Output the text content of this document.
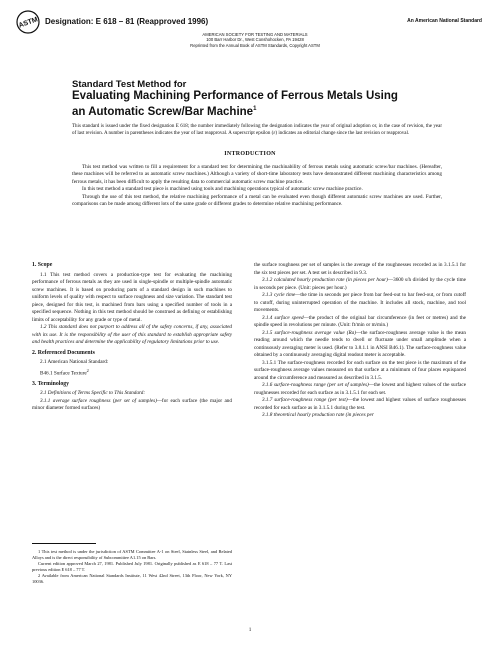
ASTM Designation: E 618 – 81 (Reapproved 1996)	An American National Standard
AMERICAN SOCIETY FOR TESTING AND MATERIALS
100 Barr Harbor Dr., West Conshohocken, PA 19428
Reprinted from the Annual Book of ASTM Standards, Copyright ASTM
Standard Test Method for
Evaluating Machining Performance of Ferrous Metals Using
an Automatic Screw/Bar Machine$^1$
This standard is issued under the fixed designation E 618; the number immediately following the designation indicates the year of original adoption or, in the case of revision, the year of last revision. A number in parentheses indicates the year of last reapproval. A superscript epsilon (ε) indicates an editorial change since the last revision or reapproval.
INTRODUCTION

This test method was written to fill a requirement for a standard test for determining the machinability of ferrous metals using automatic screw/bar machines. (Hereafter, these machines will be referred to as automatic screw machines.) Although a variety of short-time laboratory tests have demonstrated different machining characteristics among ferrous metals, it has been difficult to apply the resulting data to commercial automatic screw machine practice.

In this test method a standard test piece is machined using tools and machining operations typical of automatic screw machine practice.

Through the use of this test method, the relative machining performance of a metal can be evaluated even though different automatic screw machines are used. Further, comparisons can be made among different lots of the same grade or different grades to determine relative machining performance.

1. Scope

1.1 This test method covers a production-type test for evaluating the machining performance of ferrous metals as they are used in single-spindle or multiple-spindle automatic screw machines. It is based on producing parts of a standard design in such machines to uniform levels of quality with respect to surface roughness and size variation. The standard test piece, designed for this test, is machined from bars using a specified number of tools in a specified sequence. Nothing in this test method should be construed as defining or establishing limits of acceptability for any grade or type of metal.

1.2 This standard does not purport to address all of the safety concerns, if any, associated with its use. It is the responsibility of the user of this standard to establish appropriate safety and health practices and determine the applicability of regulatory limitations prior to use.

2. Referenced Documents

2.1 American National Standard:

B46.1 Surface Texture$^2$

3. Terminology

3.1 Definitions of Terms Specific to This Standard:

3.1.1 average surface roughness (per set of samples)—for each surface (the major and minor diameter formed surfaces)

the surface roughness per set of samples is the average of the roughnesses recorded as in 3.1.5.1 for the six test pieces per set. A test set is described in 9.3.

3.1.2 calculated hourly production rate (in pieces per hour)—3600 s/h divided by the cycle time in seconds per piece. (Unit: pieces per hour.)

3.1.3 cycle time—the time in seconds per piece from bar feed-out to bar feed-out, or from cutoff to cutoff, during uninterrupted operation of the machine. It includes all stock, machine, and tool movements.

3.1.4 surface speed—the product of the original bar circumference (in feet or metres) and the spindle speed in revolutions per minute. (Unit: ft/min or m/min.)

3.1.5 surface-roughness average value (Ra)—the surface-roughness average value is the mean reading around which the needle tends to dwell or fluctuate under small amplitude when a continuously averaging meter is used. (Refer to 3.8.1.1 in ANSI B46.1). The surface-roughness value obtained by a continuously averaging digital readout meter is acceptable.

3.1.5.1 The surface-roughness recorded for each surface on the test piece is the maximum of the surface-roughness average values measured on that surface at a minimum of four places equispaced around the circumference and measured as described in 3.1.5.

3.1.6 surface-roughness range (per set of samples)—the lowest and highest values of the surface roughnesses recorded for each surface as in 3.1.5.1 for each set.

3.1.7 surface-roughness range (per test)—the lowest and highest values of surface roughnesses recorded for each surface as in 3.1.5.1 during the test.

3.1.8 theoretical hourly production rate (in pieces per

1 This test method is under the jurisdiction of ASTM Committee A-1 on Steel, Stainless Steel, and Related Alloys and is the direct responsibility of Subcommittee A1.15 on Bars.

Current edition approved March 27, 1981. Published July 1981. Originally published as E 618 – 77 T. Last previous edition E 618 – 77 T.

2 Available from American National Standards Institute, 11 West 42nd Street, 13th Floor, New York, NY 10036.

1
